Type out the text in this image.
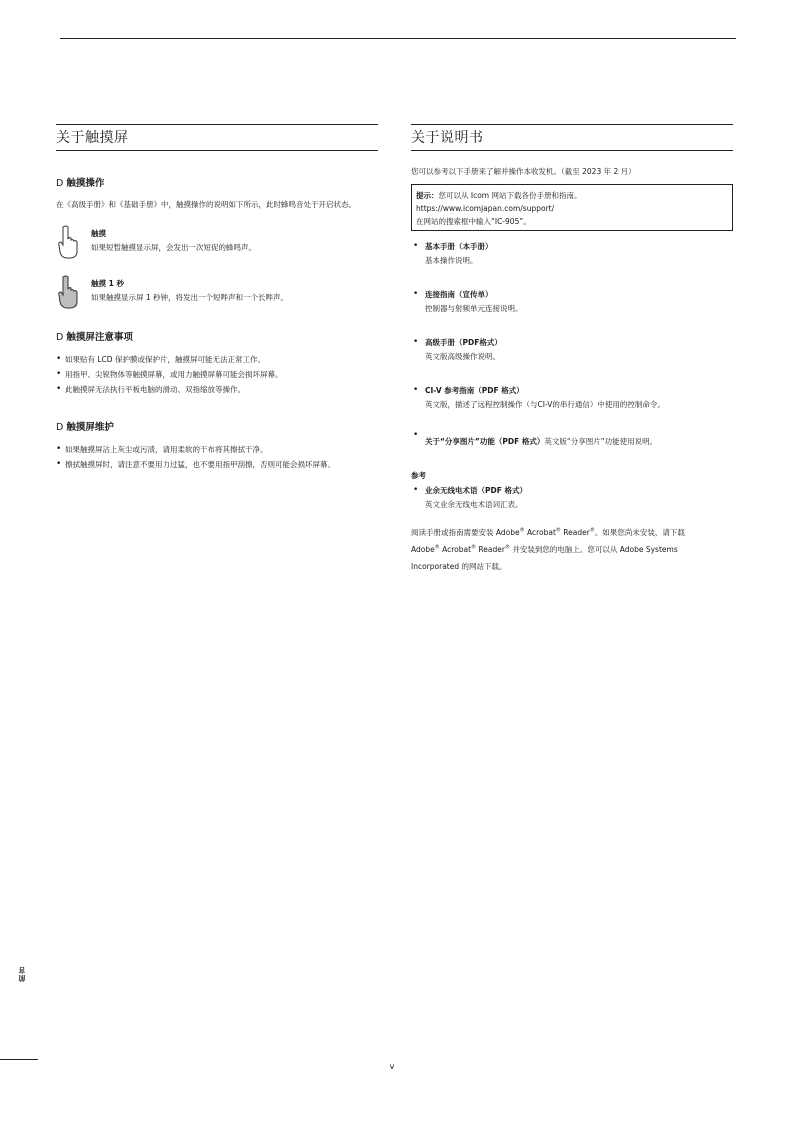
关于触摸屏

D 触摸操作

在《高级手册》和《基础手册》中，触摸操作的说明如下所示，此时蜂鸣音处于开启状态。

触摸

如果短暂触摸显示屏，会发出一次短促的蜂鸣声。

触摸 1 秒

如果触摸显示屏 1 秒钟，将发出一个短哔声和一个长哔声。

D 触摸屏注意事项

• 如果贴有 LCD 保护膜或保护片，触摸屏可能无法正常工作。
• 用指甲、尖锐物体等触摸屏幕，或用力触摸屏幕可能会损坏屏幕。
• 此触摸屏无法执行平板电脑的滑动、双指缩放等操作。

D 触摸屏维护

• 如果触摸屏沾上灰尘或污渍，请用柔软的干布将其擦拭干净。
• 擦拭触摸屏时，请注意不要用力过猛，也不要用指甲刮擦，否则可能会损坏屏幕。
关于说明书

您可以参考以下手册来了解并操作本收发机。（截至 2023 年 2 月）

提示：您可以从 Icom 网站下载各份手册和指南。

https://www.icomjapan.com/support/

在网站的搜索框中输入“IC-905”。

• 基本手册（本手册）

基本操作说明。

• 连接指南（宣传单）

控制器与射频单元连接说明。

• 高级手册（PDF格式）

英文版高级操作说明。

• CI-V 参考指南（PDF 格式）

英文版，描述了远程控制操作（与CI-V的串行通信）中使用的控制命令。

•

关于“分享图片”功能（PDF 格式）

英文版“分享图片”功能使用说明。

参考

• 业余无线电术语（PDF 格式）

英文业余无线电术语词汇表。

阅读手册或指南需要安装 Adobe® Acrobat® Reader®。如果您尚未安装，请下载
Adobe® Acrobat® Reader® 并安装到您的电脑上。您可以从 Adobe Systems
Incorporated 的网站下载。

前言
v
